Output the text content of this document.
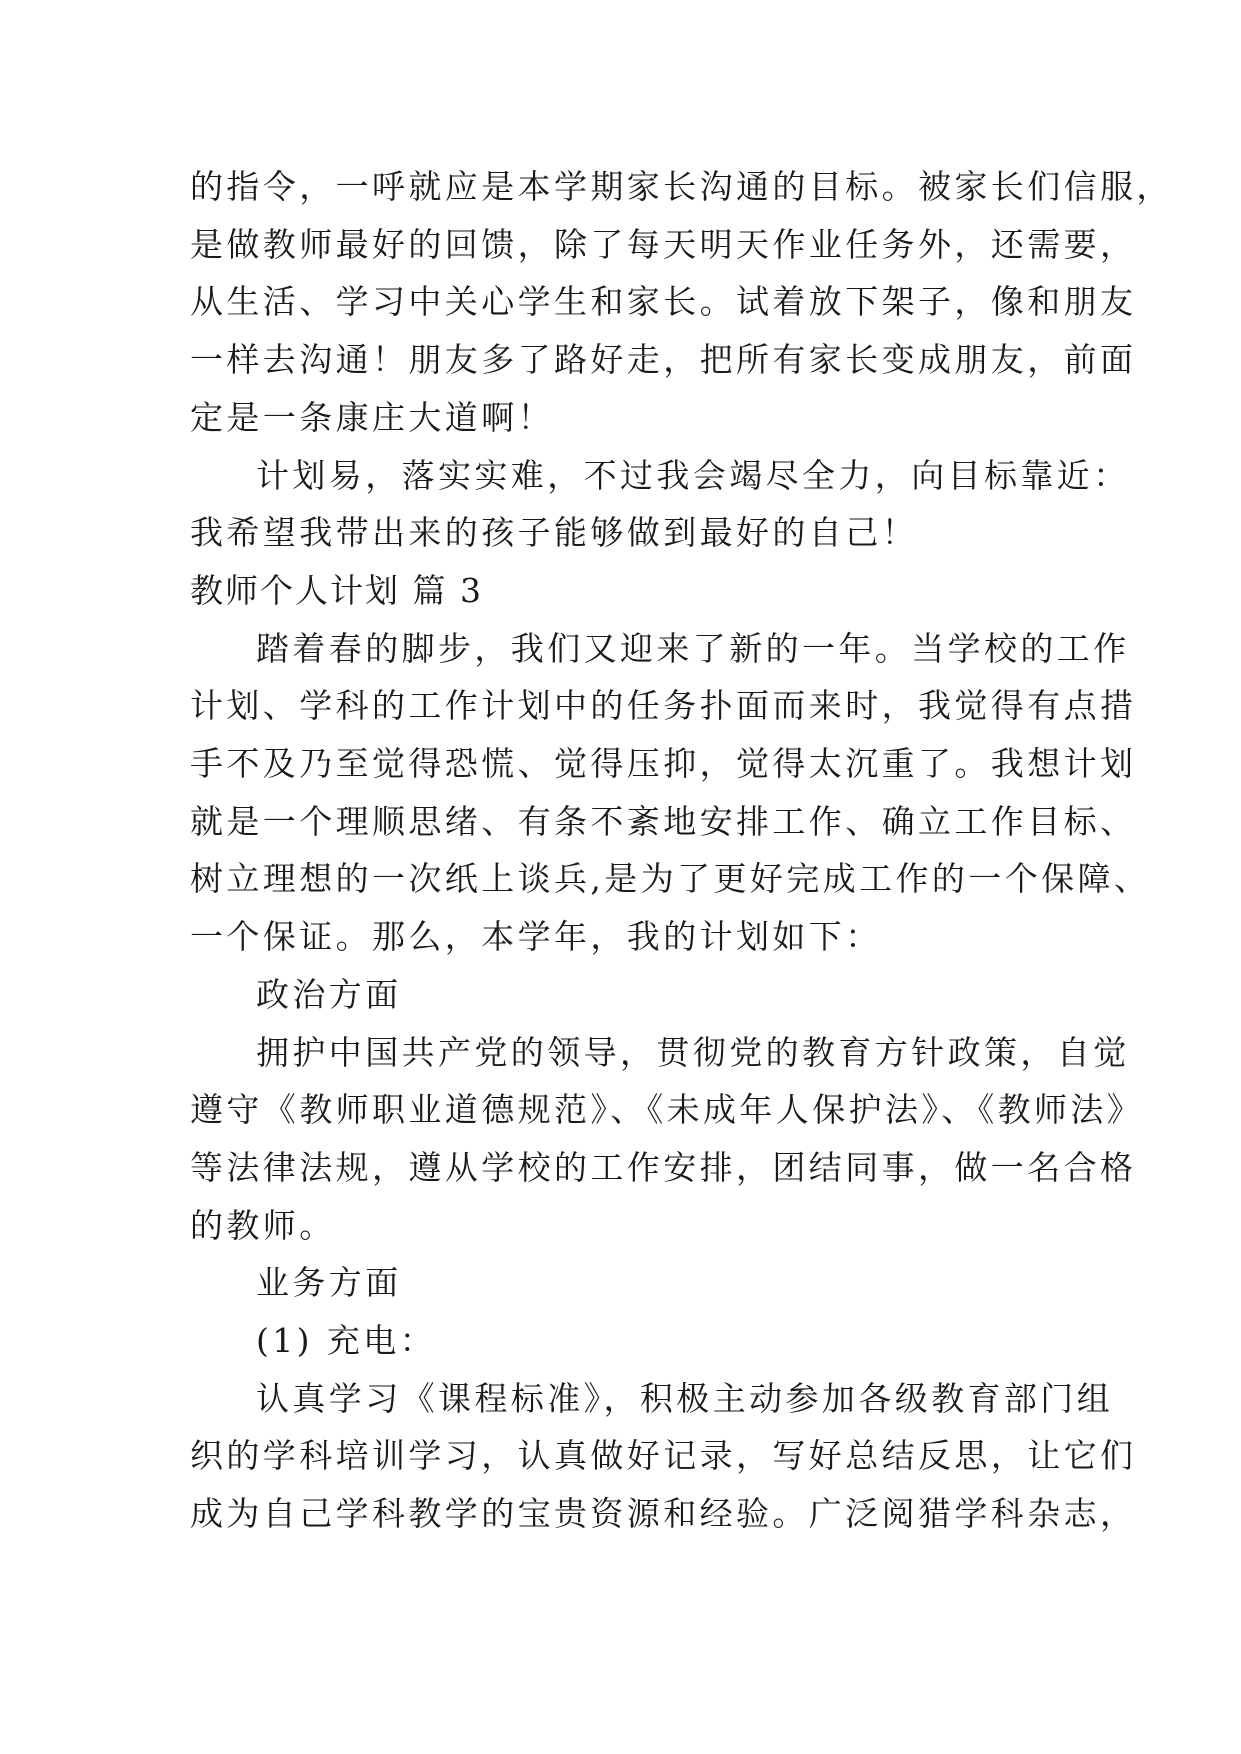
的指令，一呼就应是本学期家长沟通的目标。被家长们信服，
是做教师最好的回馈，除了每天明天作业任务外，还需要，
从生活、学习中关心学生和家长。试着放下架子，像和朋友
一样去沟通！朋友多了路好走，把所有家长变成朋友，前面
定是一条康庄大道啊！
计划易，落实实难，不过我会竭尽全力，向目标靠近：
我希望我带出来的孩子能够做到最好的自己！
教师个人计划 篇 3
踏着春的脚步，我们又迎来了新的一年。当学校的工作
计划、学科的工作计划中的任务扑面而来时，我觉得有点措
手不及乃至觉得恐慌、觉得压抑，觉得太沉重了。我想计划
就是一个理顺思绪、有条不紊地安排工作、确立工作目标、
树立理想的一次纸上谈兵,是为了更好完成工作的一个保障、
一个保证。那么，本学年，我的计划如下：
政治方面
拥护中国共产党的领导，贯彻党的教育方针政策，自觉
遵守《教师职业道德规范》、《未成年人保护法》、《教师法》
等法律法规，遵从学校的工作安排，团结同事，做一名合格
的教师。
业务方面
(1) 充电：
认真学习《课程标准》，积极主动参加各级教育部门组
织的学科培训学习，认真做好记录，写好总结反思，让它们
成为自己学科教学的宝贵资源和经验。广泛阅猎学科杂志，
